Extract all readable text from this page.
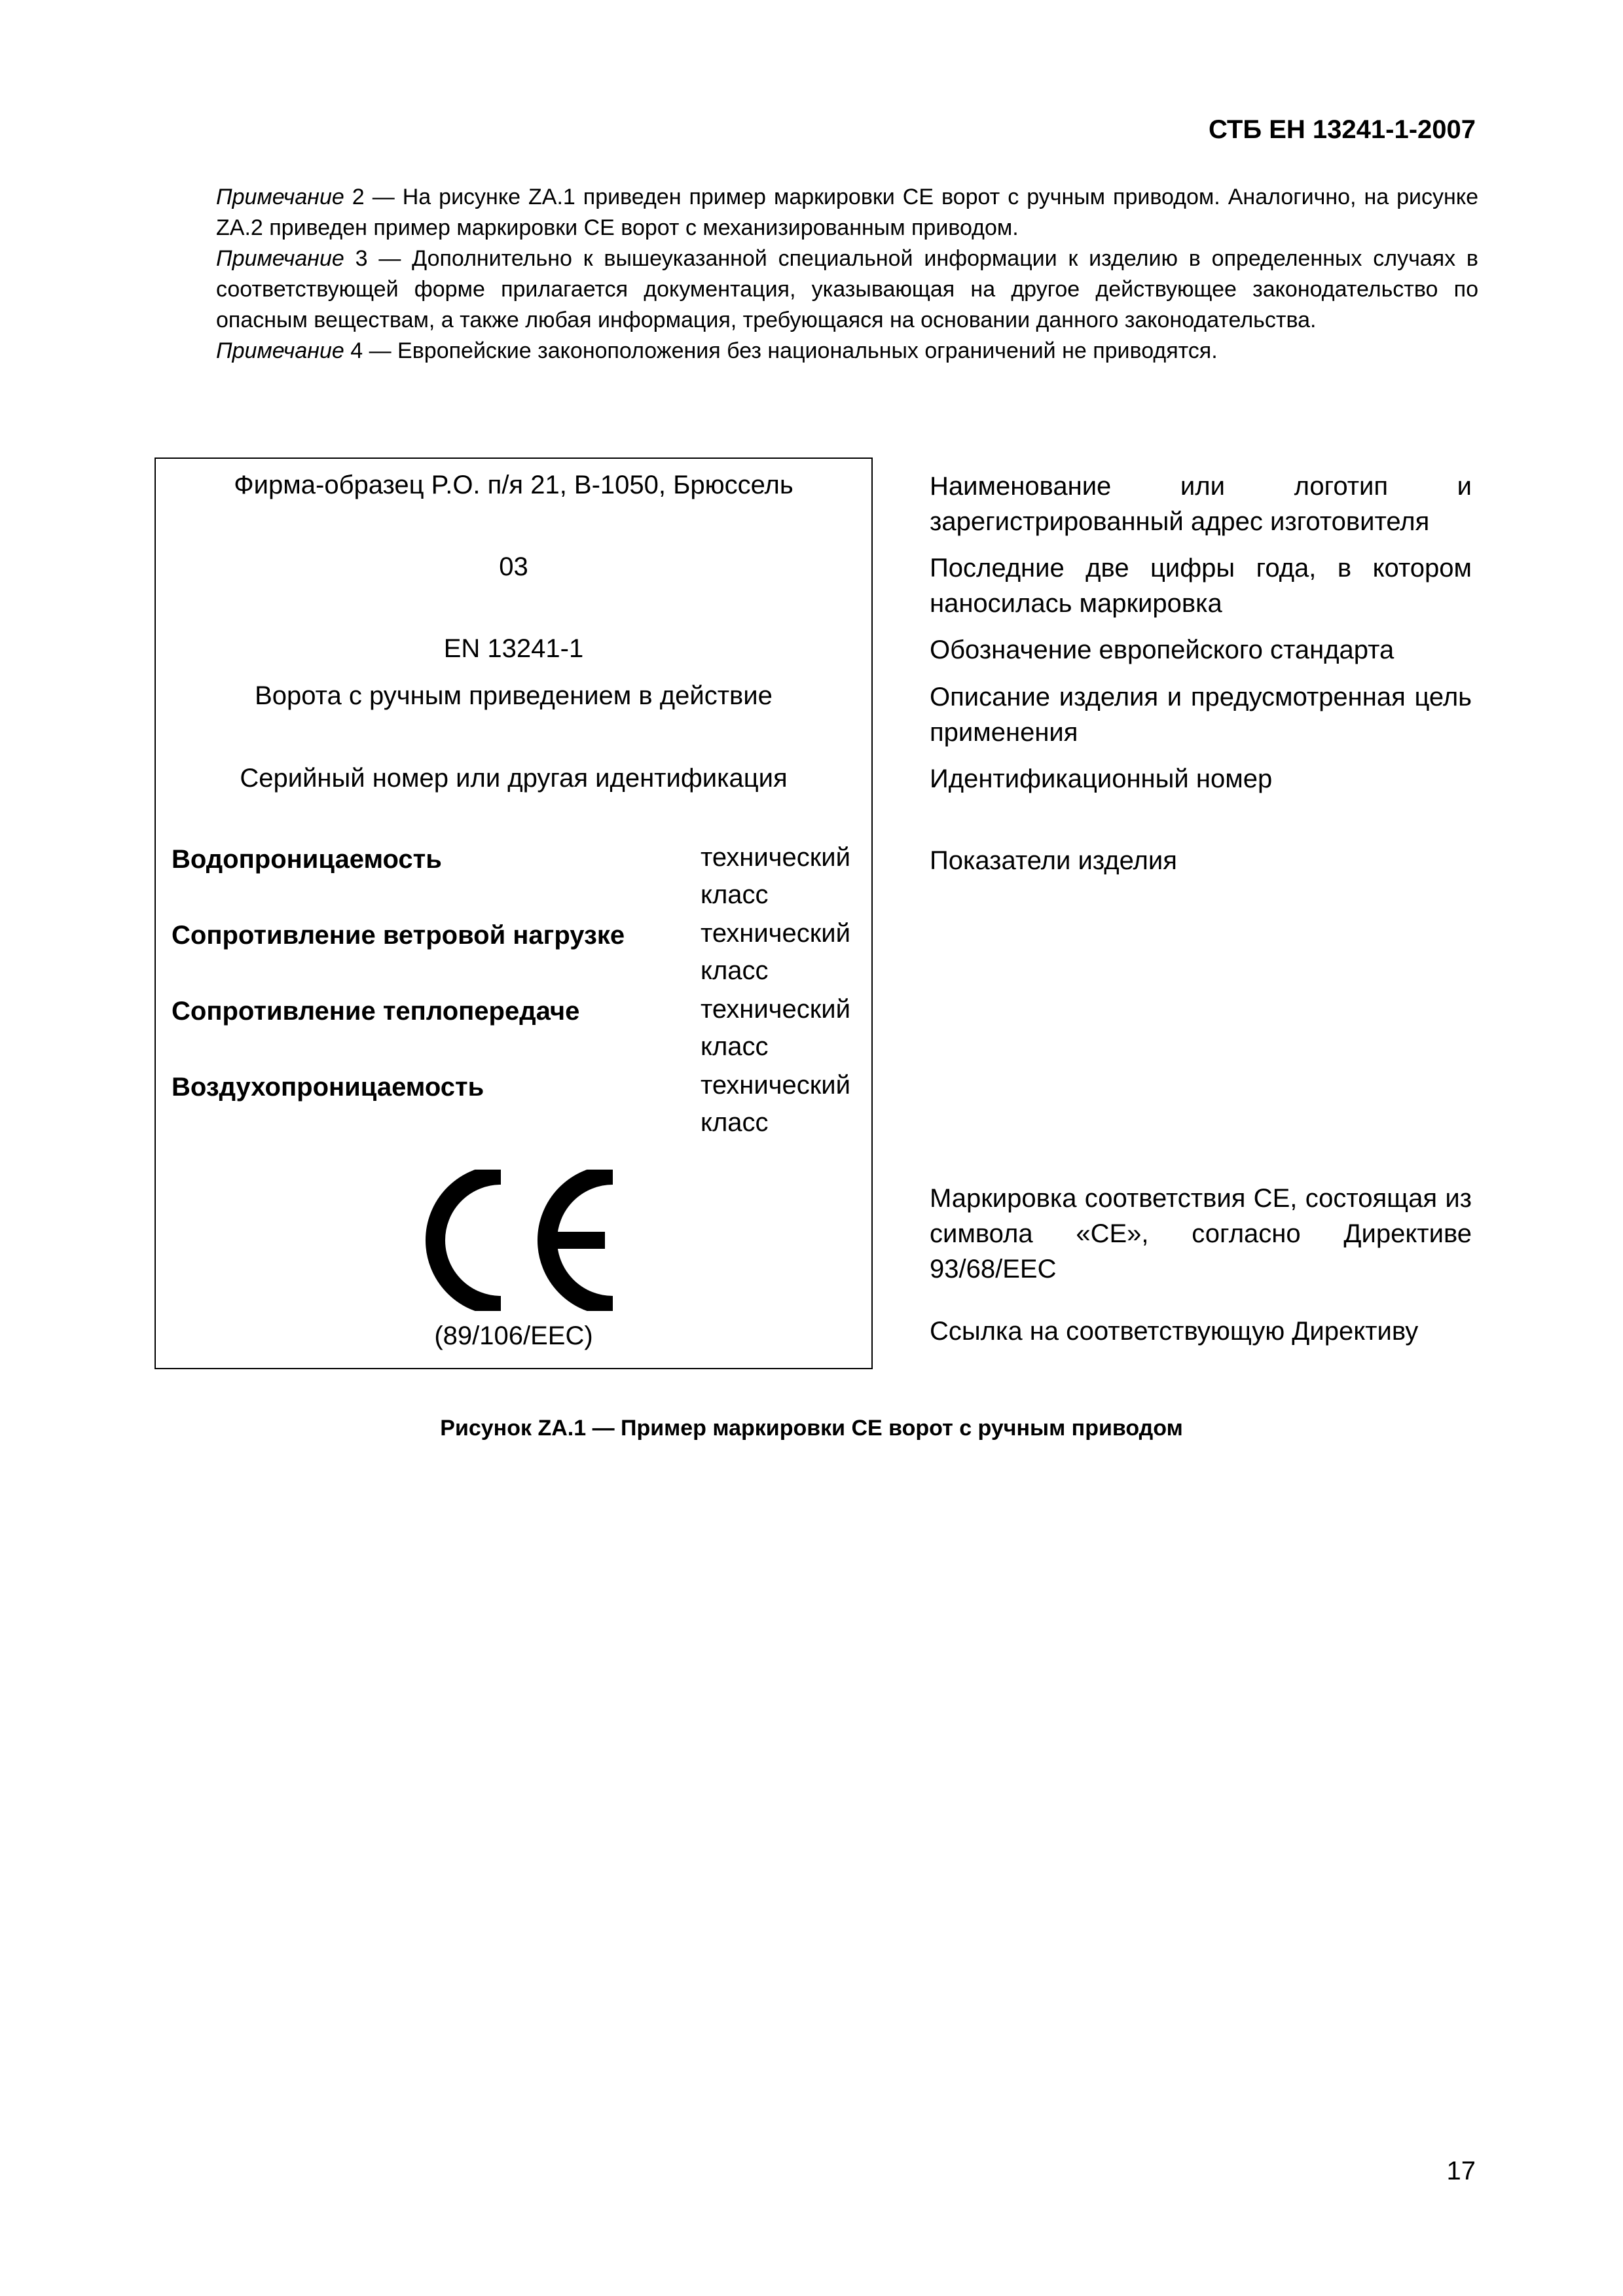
СТБ ЕН 13241-1-2007

Примечание 2 — На рисунке ZA.1 приведен пример маркировки CE ворот с ручным приводом. Аналогично, на рисунке ZA.2 приведен пример маркировки CE ворот с механизированным приводом.

Примечание 3 — Дополнительно к вышеуказанной специальной информации к изделию в определенных случаях в соответствующей форме прилагается документация, указывающая на другое действующее законодательство по опасным веществам, а также любая информация, требующаяся на основании данного законодательства.

Примечание 4 — Европейские законоположения без национальных ограничений не приводятся.

Фирма-образец P.O. п/я 21, B-1050, Брюссель
03
EN 13241-1
Ворота с ручным приведением в действие
Серийный номер или другая идентификация
Водопроницаемость	технический класс
Сопротивление ветровой нагрузке	технический класс
Сопротивление теплопередаче	технический класс
Воздухопроницаемость	технический класс
(89/106/EEC)
Наименование или логотип и зарегистрированный адрес изготовителя
Последние две цифры года, в котором наносилась маркировка
Обозначение европейского стандарта
Описание изделия и предусмотренная цель применения
Идентификационный номер
Показатели изделия
Маркировка соответствия CE, состоящая из символа «CE», согласно Директиве 93/68/EEC
Ссылка на соответствующую Директиву
Рисунок ZA.1 — Пример маркировки CE ворот с ручным приводом
17
